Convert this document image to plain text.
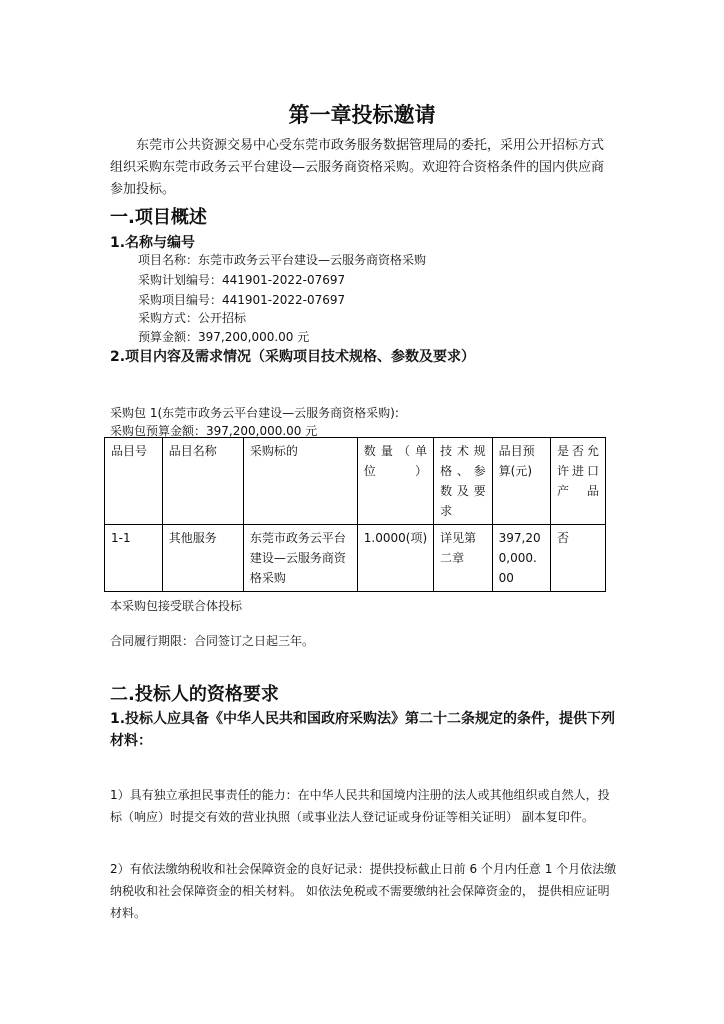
第一章投标邀请
东莞市公共资源交易中心受东莞市政务服务数据管理局的委托，采用公开招标方式组织采购东莞市政务云平台建设—云服务商资格采购。欢迎符合资格条件的国内供应商参加投标。
一.项目概述
1.名称与编号
项目名称：东莞市政务云平台建设—云服务商资格采购
采购计划编号：441901-2022-07697
采购项目编号：441901-2022-07697
采购方式：公开招标
预算金额：397,200,000.00 元
2.项目内容及需求情况（采购项目技术规格、参数及要求）
采购包 1(东莞市政务云平台建设—云服务商资格采购):
采购包预算金额：397,200,000.00 元
品目号	品目名称	采购标的	数量（单位）	技术规格、参数及要求	品目预算(元)	是否允许进口产品
1-1	其他服务	东莞市政务云平台建设—云服务商资格采购	1.0000(项)	详见第二章	397,200,000.00	否
本采购包接受联合体投标
合同履行期限：合同签订之日起三年。
二.投标人的资格要求
1.投标人应具备《中华人民共和国政府采购法》第二十二条规定的条件，提供下列材料：
1）具有独立承担民事责任的能力：在中华人民共和国境内注册的法人或其他组织或自然人，投标（响应）时提交有效的营业执照（或事业法人登记证或身份证等相关证明） 副本复印件。
2）有依法缴纳税收和社会保障资金的良好记录：提供投标截止日前 6 个月内任意 1 个月依法缴纳税收和社会保障资金的相关材料。 如依法免税或不需要缴纳社会保障资金的， 提供相应证明材料。
